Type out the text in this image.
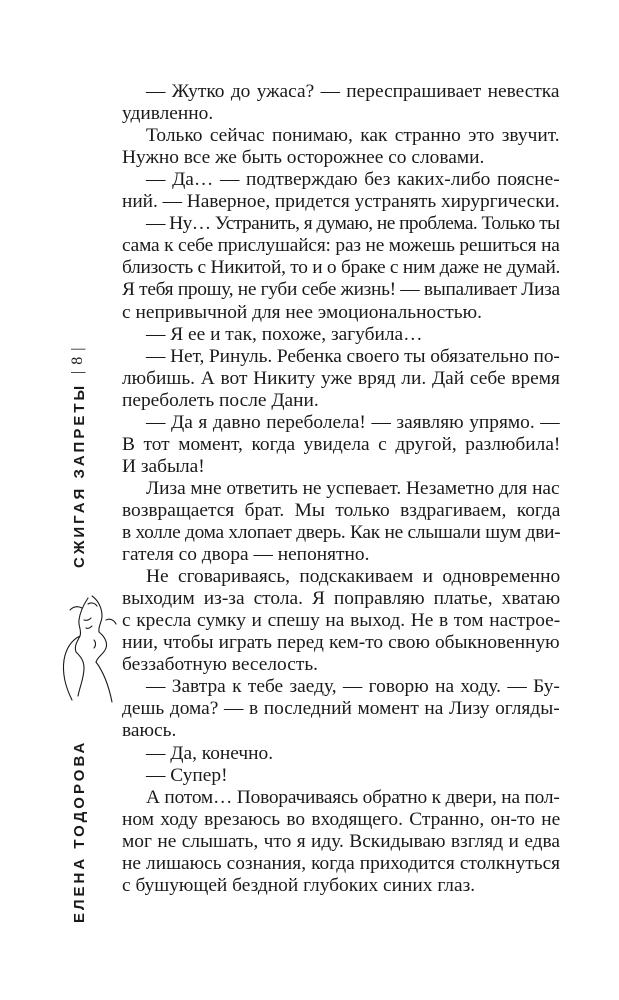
| 8 |
СЖИГАЯ ЗАПРЕТЫ
ЕЛЕНА ТОДОРОВА
— Жутко до ужаса? — переспрашивает невестка
удивленно.
Только сейчас понимаю, как странно это звучит.
Нужно все же быть осторожнее со словами.
— Да… — подтверждаю без каких-либо поясне-
ний. — Наверное, придется устранять хирургически.
— Ну… Устранить, я думаю, не проблема. Только ты
сама к себе прислушайся: раз не можешь решиться на
близость с Никитой, то и о браке с ним даже не думай.
Я тебя прошу, не губи себе жизнь! — выпаливает Лиза
с непривычной для нее эмоциональностью.
— Я ее и так, похоже, загубила…
— Нет, Ринуль. Ребенка своего ты обязательно по-
любишь. А вот Никиту уже вряд ли. Дай себе время
переболеть после Дани.
— Да я давно переболела! — заявляю упрямо. —
В тот момент, когда увидела с другой, разлюбила!
И забыла!
Лиза мне ответить не успевает. Незаметно для нас
возвращается брат. Мы только вздрагиваем, когда
в холле дома хлопает дверь. Как не слышали шум дви-
гателя со двора — непонятно.
Не сговариваясь, подскакиваем и одновременно
выходим из-за стола. Я поправляю платье, хватаю
с кресла сумку и спешу на выход. Не в том настрое-
нии, чтобы играть перед кем-то свою обыкновенную
беззаботную веселость.
— Завтра к тебе заеду, — говорю на ходу. — Бу-
дешь дома? — в последний момент на Лизу огляды-
ваюсь.
— Да, конечно.
— Супер!
А потом… Поворачиваясь обратно к двери, на пол-
ном ходу врезаюсь во входящего. Странно, он-то не
мог не слышать, что я иду. Вскидываю взгляд и едва
не лишаюсь сознания, когда приходится столкнуться
с бушующей бездной глубоких синих глаз.
